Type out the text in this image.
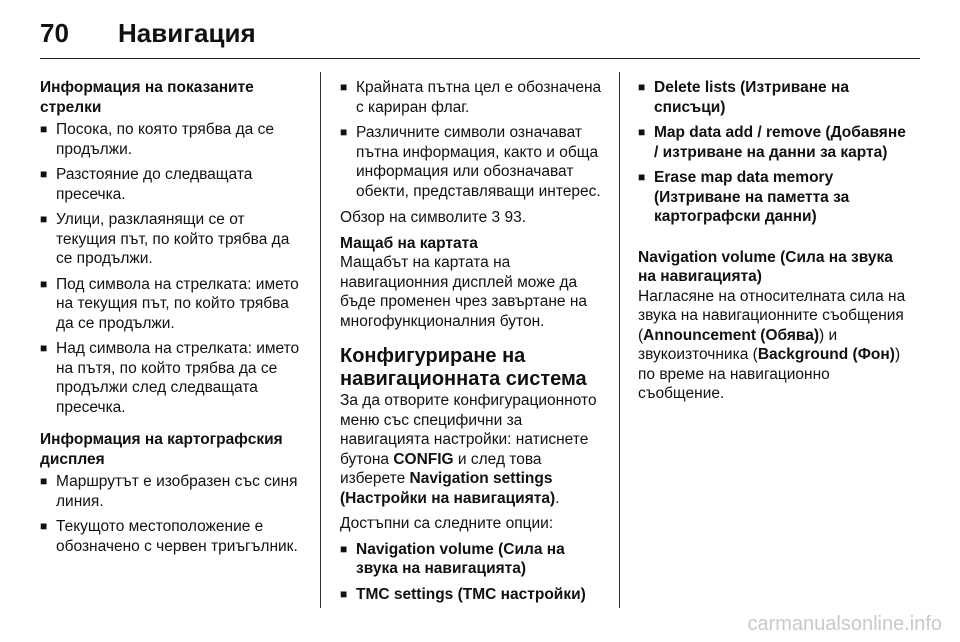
70 Навигация
Информация на показаните стрелки
■ Посока, по която трябва да се продължи.
■ Разстояние до следващата пресечка.
■ Улици, разклаянящи се от текущия път, по който трябва да се продължи.
■ Под символа на стрелката: името на текущия път, по който трябва да се продължи.
■ Над символа на стрелката: името на пътя, по който трябва да се продължи след следващата пресечка.
Информация на картографския дисплея
■ Маршрутът е изобразен със синя линия.
■ Текущото местоположение е обозначено с червен триъгълник.
■ Крайната пътна цел е обозначена с кариран флаг.
■ Различните символи означават пътна информация, както и обща информация или обозначават обекти, представляващи интерес.

Обзор на символите 3 93.

Мащаб на картата

Мащабът на картата на навигационния дисплей може да бъде променен чрез завъртане на многофункционалния бутон.

Конфигуриране на навигационната система

За да отворите конфигурационното меню със специфични за навигацията настройки: натиснете бутона CONFIG и след това изберете Navigation settings (Настройки на навигацията).

Достъпни са следните опции:

■ Navigation volume (Сила на звука на навигацията)
■ TMC settings (TMC настройки)
■ Delete lists (Изтриване на списъци)
■ Map data add / remove (Добавяне / изтриване на данни за карта)
■ Erase map data memory (Изтриване на паметта за картографски данни)
Navigation volume (Сила на звука на навигацията)

Нагласяне на относителната сила на звука на навигационните съобщения (Announcement (Обява)) и звукоизточника (Background (Фон)) по време на навигационно съобщение.

carmanualsonline.info
